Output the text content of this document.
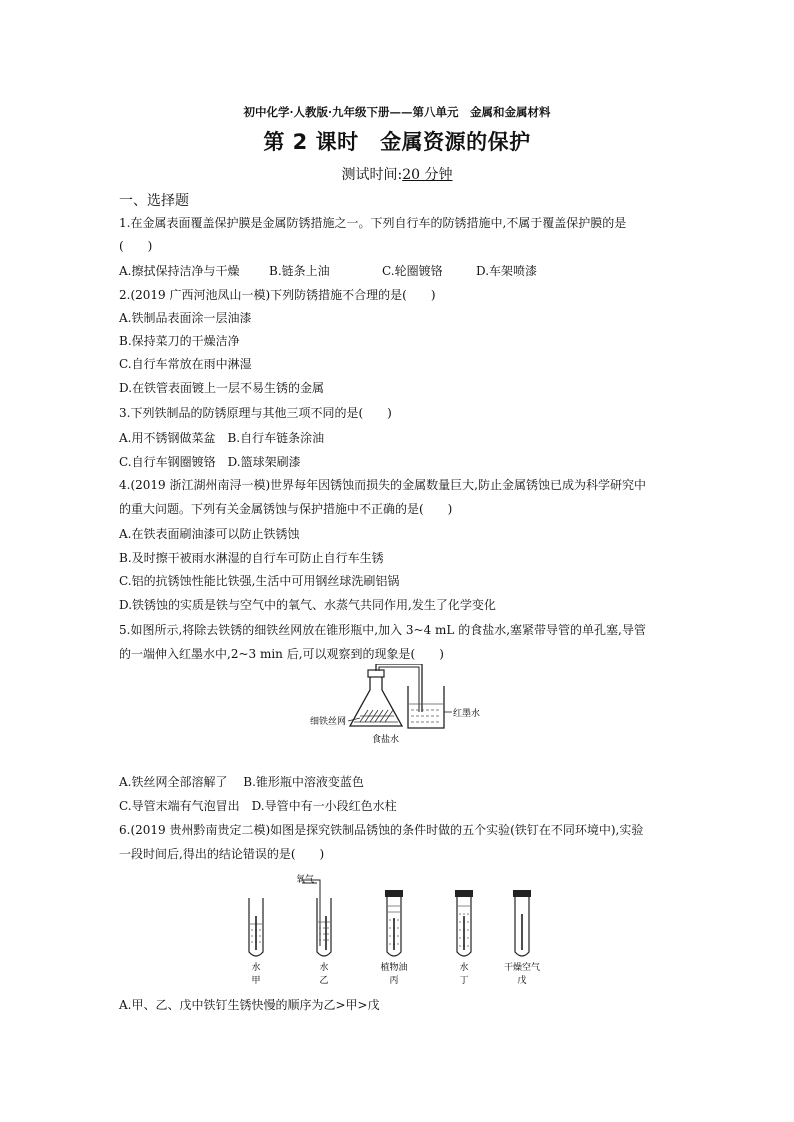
初中化学·人教版·九年级下册——第八单元　金属和金属材料
第 2 课时　金属资源的保护
测试时间:20 分钟
一、选择题
1.在金属表面覆盖保护膜是金属防锈措施之一。下列自行车的防锈措施中,不属于覆盖保护膜的是
(　　)
A.擦拭保持洁净与干燥 B.链条上油	C.轮圈镀铬	D.车架喷漆
2.(2019 广西河池凤山一模)下列防锈措施不合理的是(　　)
A.铁制品表面涂一层油漆
B.保持菜刀的干燥洁净
C.自行车常放在雨中淋湿
D.在铁管表面镀上一层不易生锈的金属
3.下列铁制品的防锈原理与其他三项不同的是(　　)
A.用不锈钢做菜盆　B.自行车链条涂油
C.自行车钢圈镀铬　D.篮球架刷漆
4.(2019 浙江湖州南浔一模)世界每年因锈蚀而损失的金属数量巨大,防止金属锈蚀已成为科学研究中
的重大问题。下列有关金属锈蚀与保护措施中不正确的是(　　)
A.在铁表面刷油漆可以防止铁锈蚀
B.及时擦干被雨水淋湿的自行车可防止自行车生锈
C.铝的抗锈蚀性能比铁强,生活中可用钢丝球洗刷铝锅
D.铁锈蚀的实质是铁与空气中的氧气、水蒸气共同作用,发生了化学变化
5.如图所示,将除去铁锈的细铁丝网放在锥形瓶中,加入 3~4 mL 的食盐水,塞紧带导管的单孔塞,导管
的一端伸入红墨水中,2~3 min 后,可以观察到的现象是(　　)
细铁丝网
食盐水
红墨水
A.铁丝网全部溶解了　 B.锥形瓶中溶液变蓝色
C.导管末端有气泡冒出　D.导管中有一小段红色水柱
6.(2019 贵州黔南贵定二模)如图是探究铁制品锈蚀的条件时做的五个实验(铁钉在不同环境中),实验
一段时间后,得出的结论错误的是(　　)
氧气
水
甲
水
乙
植物油
丙
水
丁
干燥空气
戊
A.甲、乙、戊中铁钉生锈快慢的顺序为乙>甲>戊
